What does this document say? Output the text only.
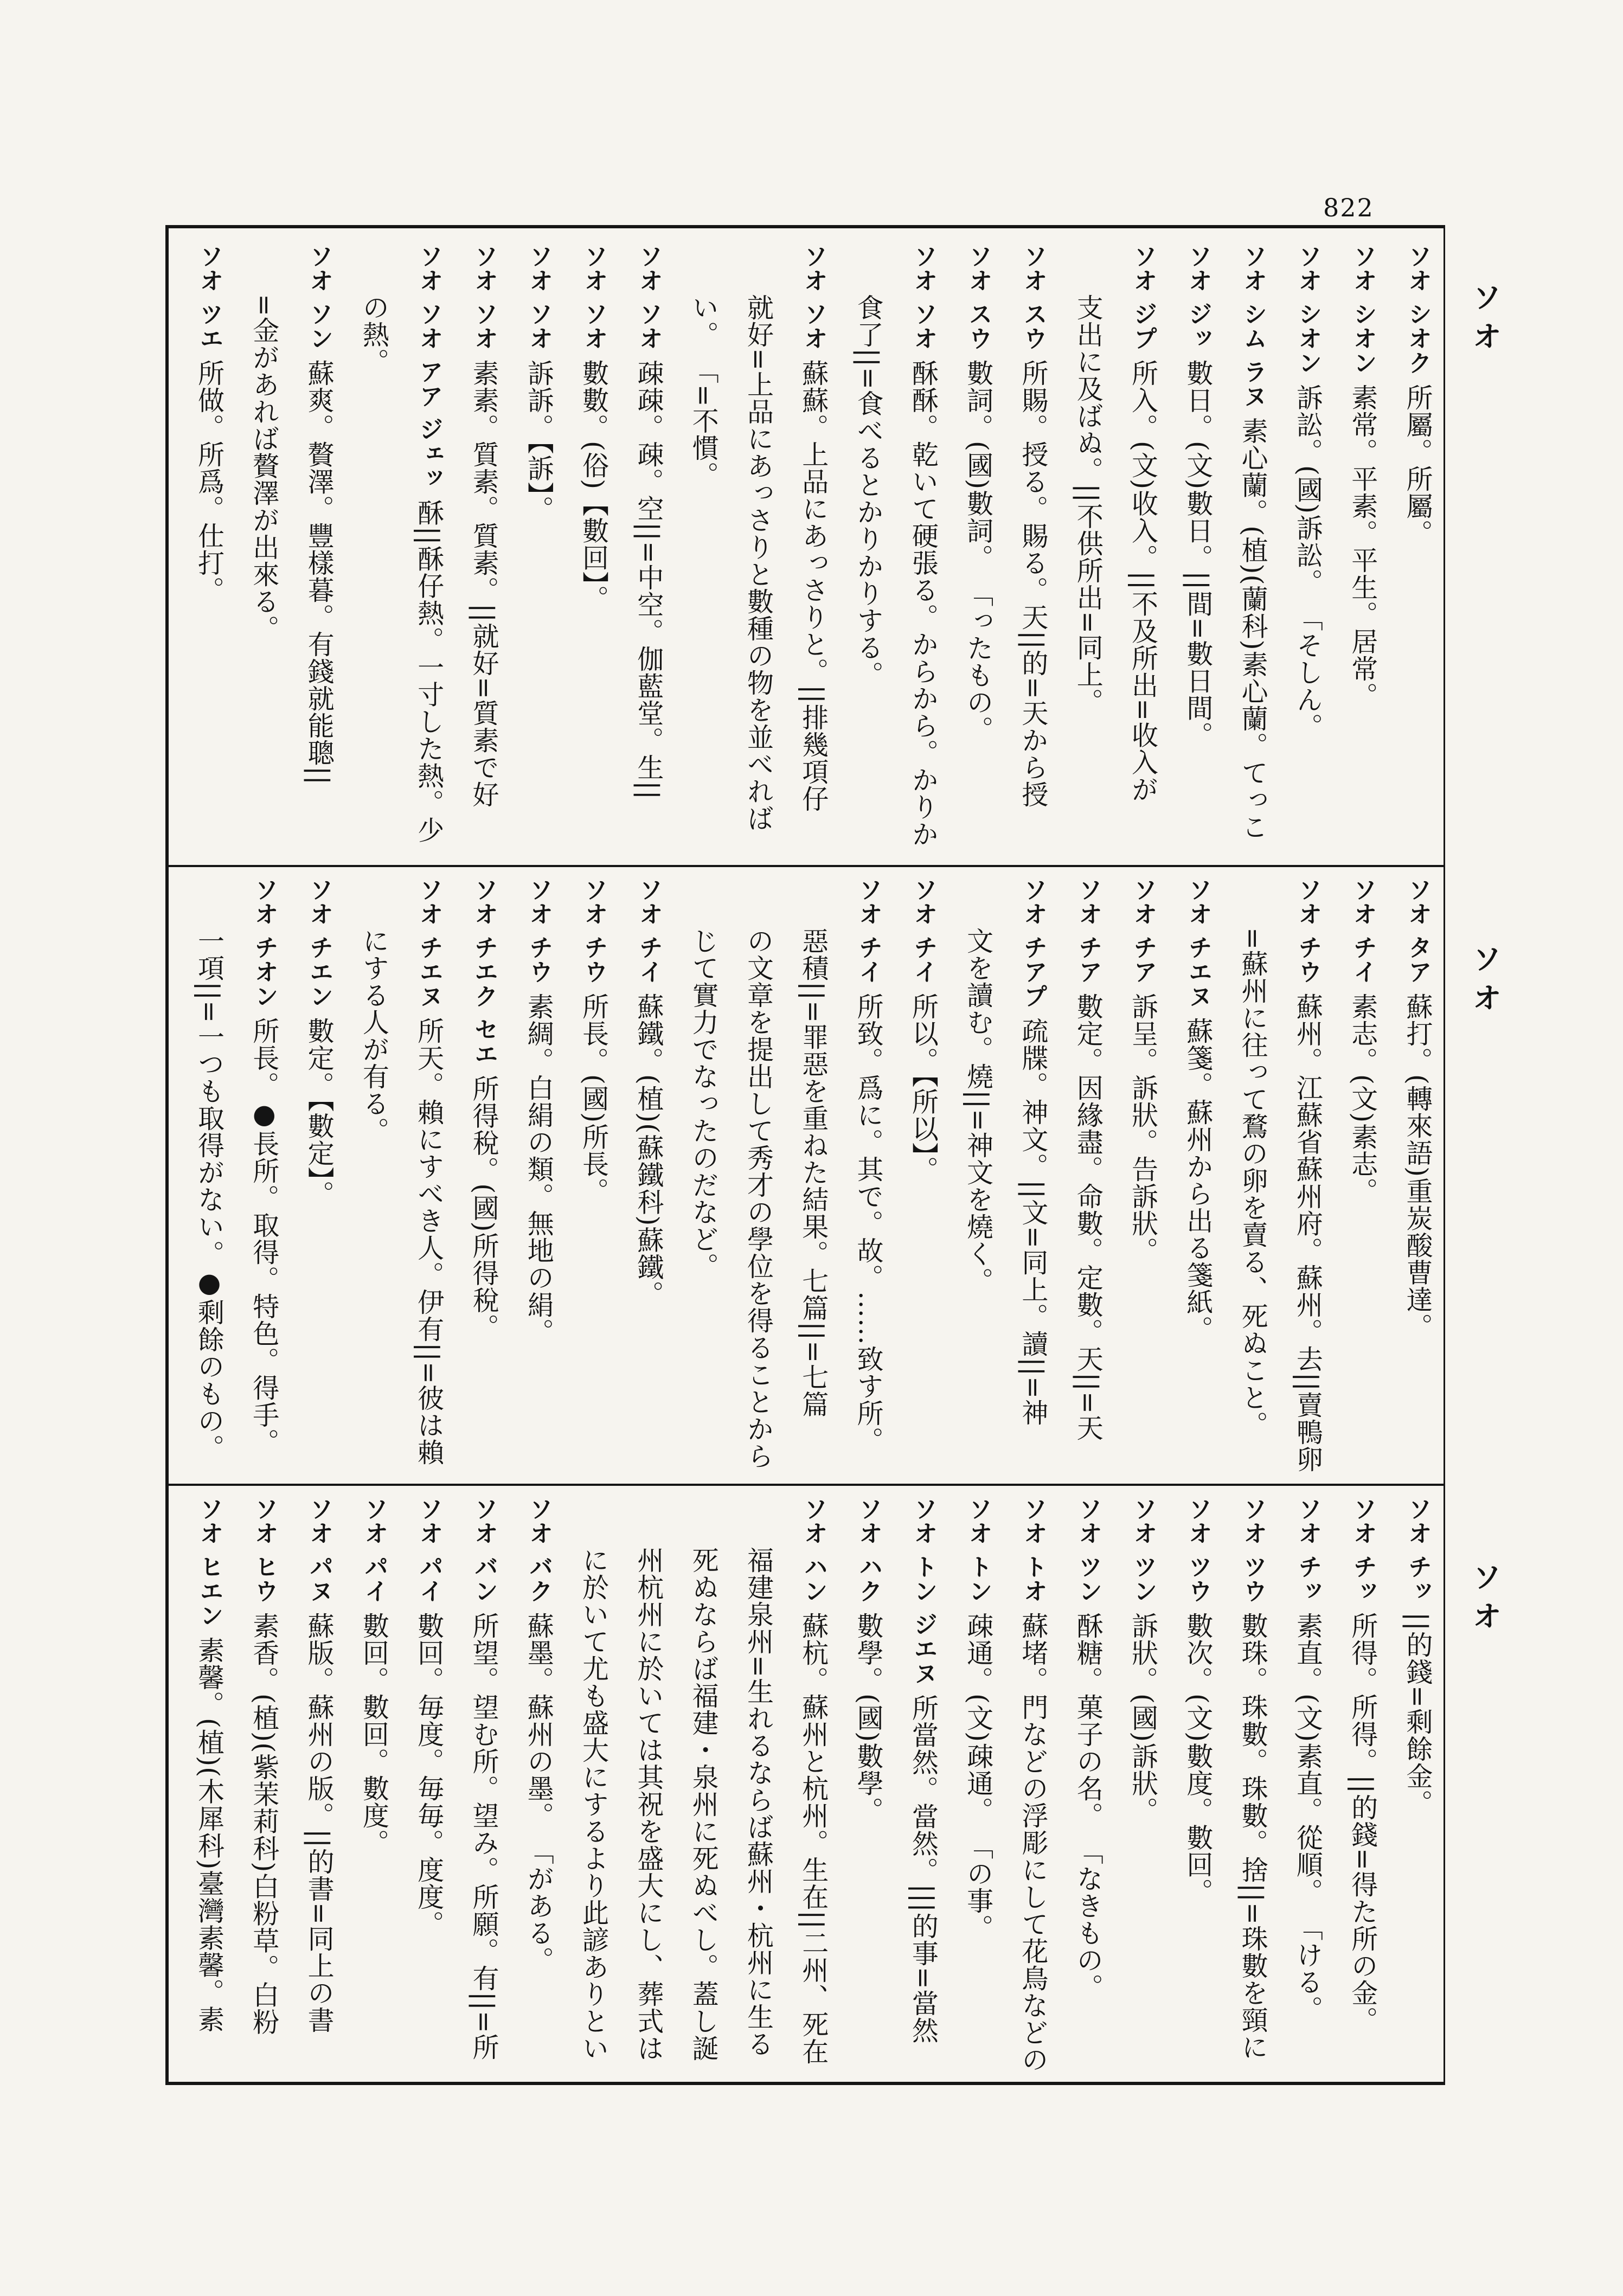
822
ソオ
ソオ
ソオ
ソオ シオク 所屬。所屬。
ソオ シオン 素常。平素。平生。居常。
ソオ シオン 訴訟。(國)訴訟。 「そしん。
ソオ シム ラヌ 素心蘭。(植)(蘭科)素心蘭。てっこ
ソオ ジッ 數日。(文)數日。||間=數日間。
ソオ ジプ 所入。(文)收入。||不及所出=收入が
支出に及ばぬ。||不供所出=同上。
ソオ スウ 所賜。授る。賜る。天||的=天から授
ソオ スウ 數詞。(國)數詞。 「ったもの。
ソオ ソオ 酥酥。乾いて硬張る。からから。かりか
食了||=食べるとかりかりする。
ソオ ソオ 蘇蘇。上品にあっさりと。||排幾項仔
就好=上品にあっさりと數種の物を並べれば
い。 「=不慣。
ソオ ソオ 疎疎。疎。空||=中空。伽藍堂。生||
ソオ ソオ 數數。(俗)【數回】。
ソオ ソオ 訴訴。【訴】。
ソオ ソオ 素素。質素。質素。||就好=質素で好
ソオ ソオ アア ジェッ 酥||酥仔熱。一寸した熱。少
の熱。
ソオ ソン 蘇爽。贅澤。豐樣暮。有錢就能聰||
=金があれば贅澤が出來る。
ソオ ツエ 所做。所爲。仕打。
ソオ タア 蘇打。(轉來語)重炭酸曹達。
ソオ チイ 素志。(文)素志。
ソオ チウ 蘇州。江蘇省蘇州府。蘇州。去||賣鴨卵
=蘇州に往って鶩の卵を賣る、死ぬこと。
ソオ チエヌ 蘇箋。蘇州から出る箋紙。
ソオ チア 訴呈。訴狀。告訴狀。
ソオ チア 數定。因緣盡。命數。定數。天||=天
ソオ チアプ 疏牒。神文。||文=同上。讀||=神
文を讀む。燒||=神文を燒く。
ソオ チイ 所以。【所以】。
ソオ チイ 所致。爲に。其で。故。……致す所。
惡積||=罪惡を重ねた結果。七篇||=七篇
の文章を提出して秀才の學位を得ることから
じて實力でなったのだなど。
ソオ チイ 蘇鐵。(植)(蘇鐵科)蘇鐵。
ソオ チウ 所長。(國)所長。
ソオ チウ 素綢。白絹の類。無地の絹。
ソオ チエク セエ 所得稅。(國)所得稅。
ソオ チエヌ 所天。賴にすべき人。伊有||=彼は賴
にする人が有る。
ソオ チエン 數定。【數定】。
ソオ チオン 所長。●長所。取得。特色。得手。
一項||=一つも取得がない。●剩餘のもの。
ソオ チッ ||的錢=剩餘金。
ソオ チッ 所得。所得。||的錢=得た所の金。
ソオ チッ 素直。(文)素直。從順。 「ける。
ソオ ツウ 數珠。珠數。珠數。捨||=珠數を頸に
ソオ ツウ 數次。(文)數度。數回。
ソオ ツン 訴狀。(國)訴狀。
ソオ ツン 酥糖。菓子の名。 「なきもの。
ソオ トオ 蘇堵。門などの浮彫にして花鳥などの
ソオ トン 疎通。(文)疎通。 「の事。
ソオ トン ジエヌ 所當然。當然。|||的事=當然
ソオ ハク 數學。(國)數學。
ソオ ハン 蘇杭。蘇州と杭州。生在||二州、死在
福建泉州=生れるならば蘇州・杭州に生る
死ぬならば福建・泉州に死ぬべし。蓋し誕
州杭州に於いては其祝を盛大にし、葬式は
に於いて尤も盛大にするより此諺ありとい
ソオ バク 蘇墨。蘇州の墨。 「がある。
ソオ バン 所望。望む所。望み。所願。有||=所
ソオ パイ 數回。毎度。毎毎。度度。
ソオ パイ 數回。數回。數度。
ソオ パヌ 蘇版。蘇州の版。||的書=同上の書
ソオ ヒウ 素香。(植)(紫茉莉科)白粉草。白粉
ソオ ヒエン 素馨。(植)(木犀科)臺灣素馨。素
